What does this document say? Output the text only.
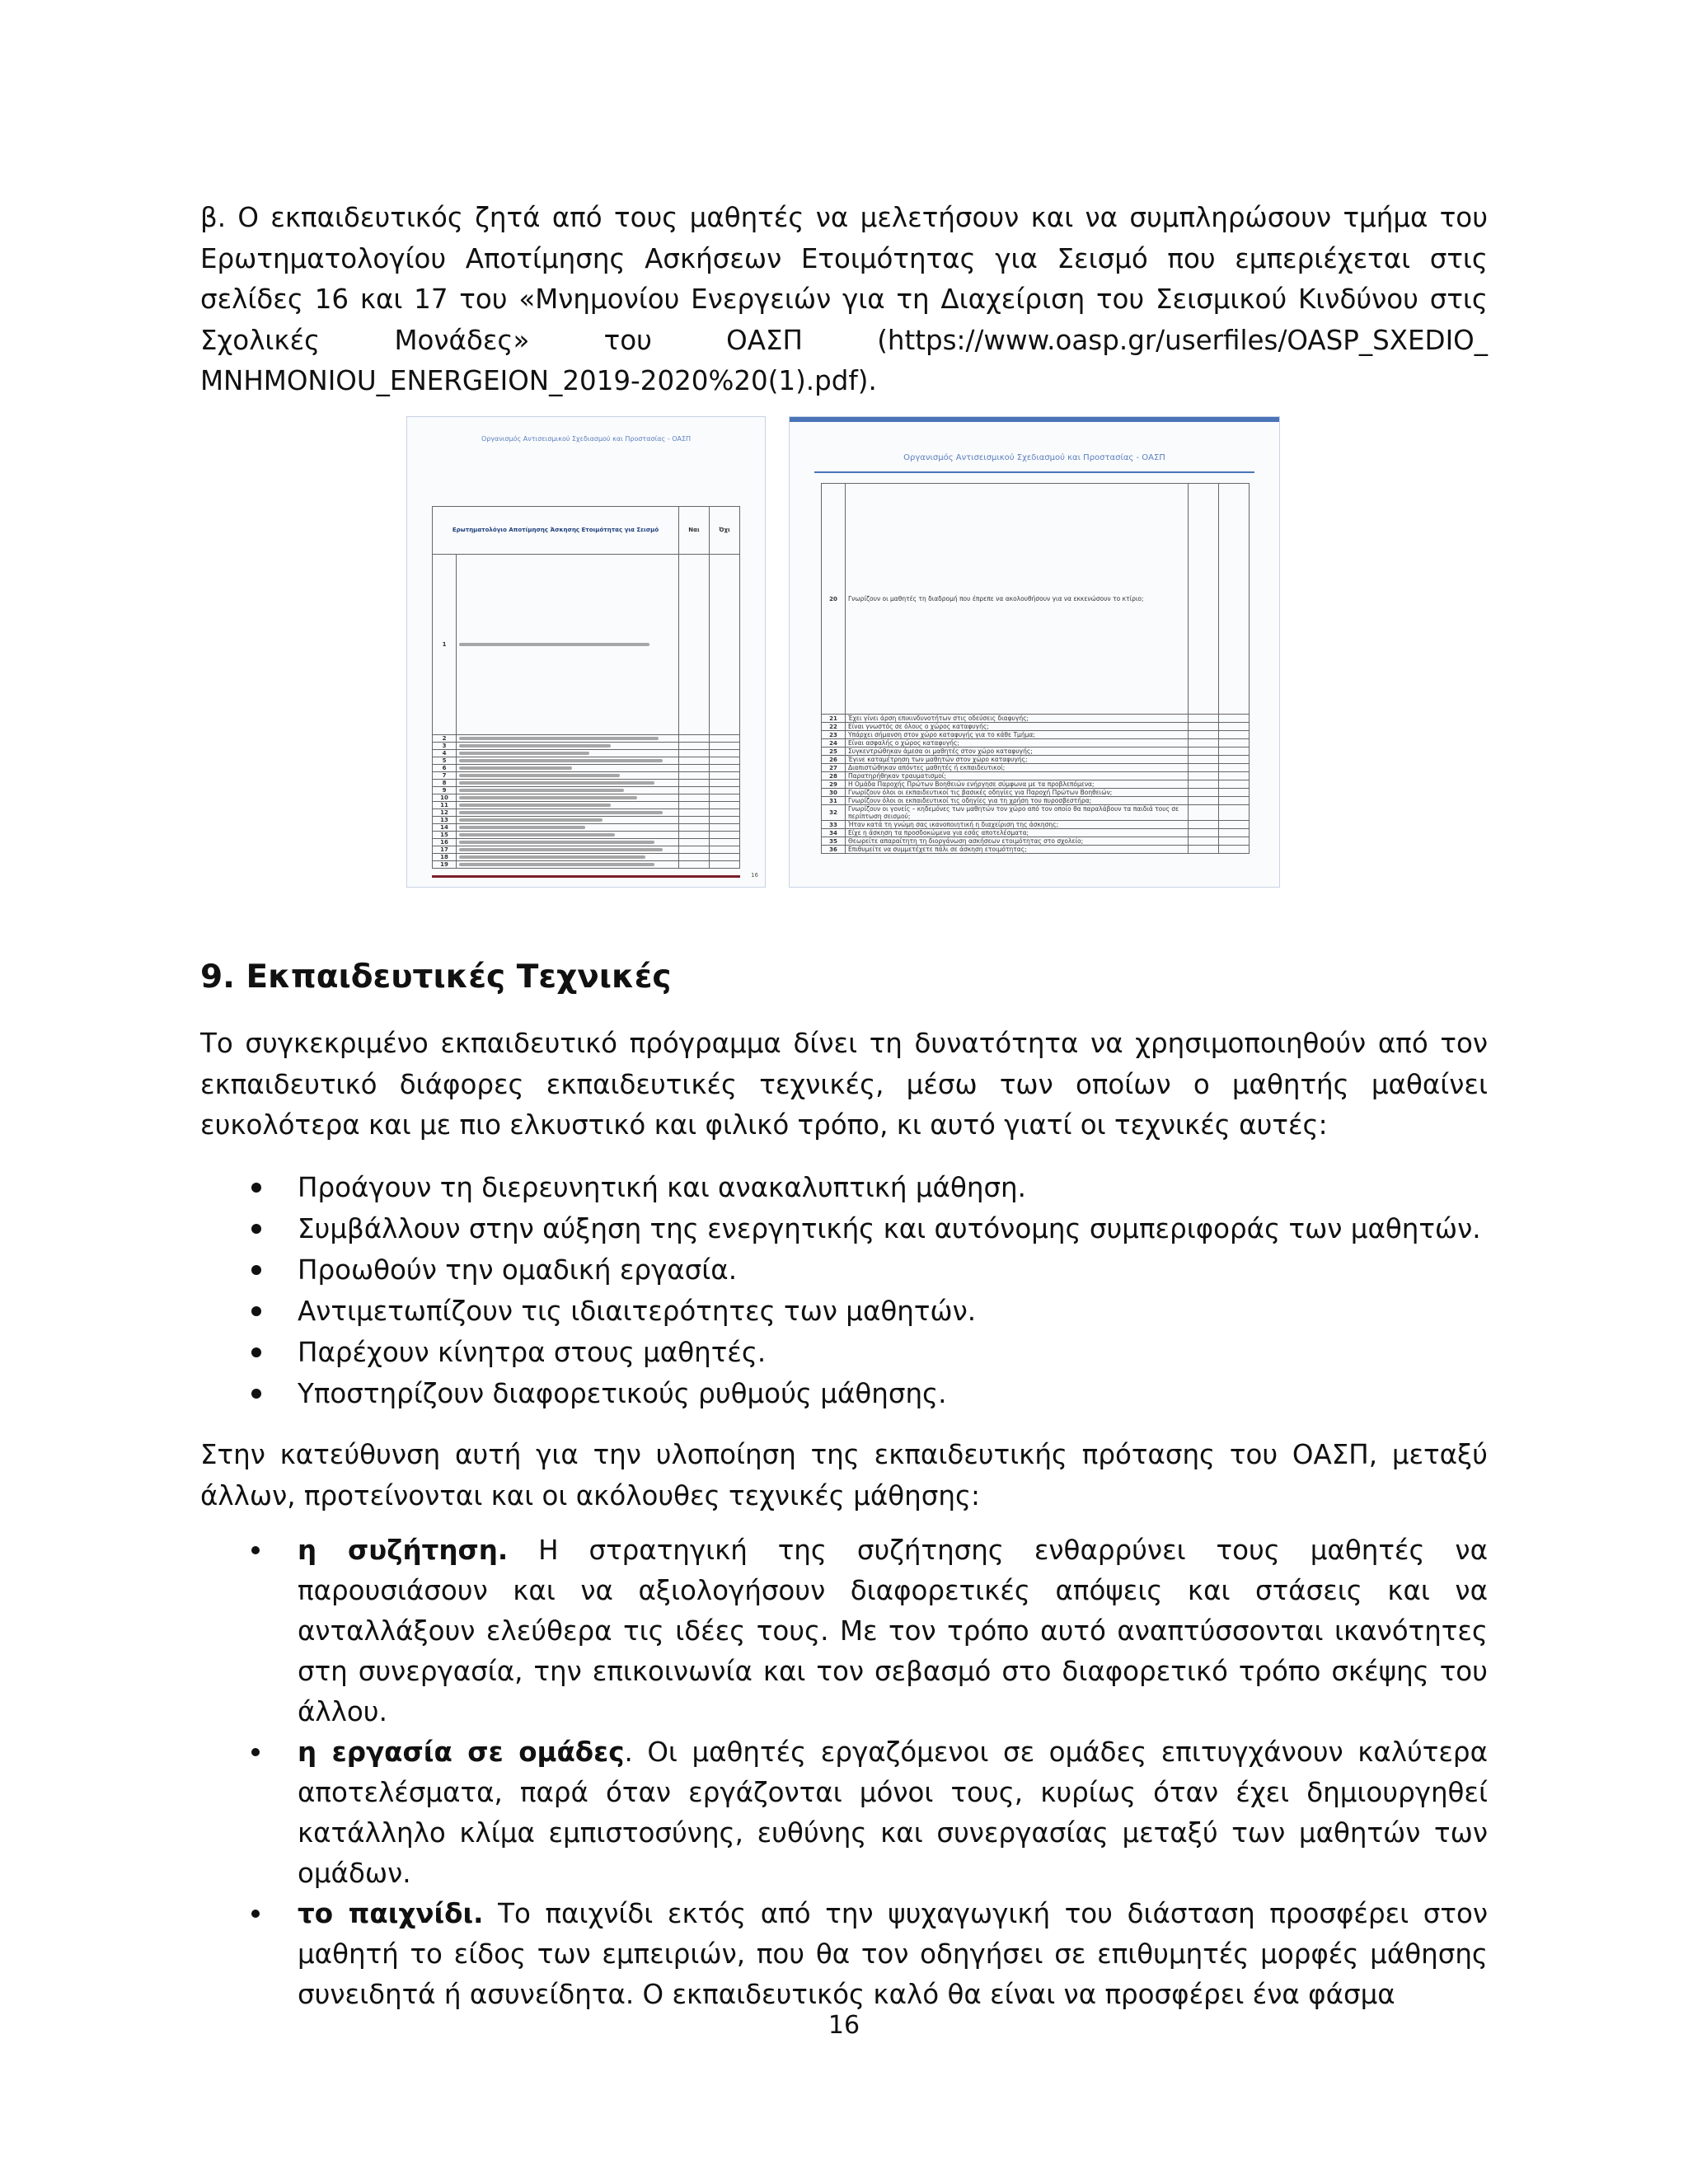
β. Ο εκπαιδευτικός ζητά από τους μαθητές να μελετήσουν και να συμπληρώσουν τμήμα του
Ερωτηματολογίου Αποτίμησης Ασκήσεων Ετοιμότητας για Σεισμό που εμπεριέχεται στις
σελίδες 16 και 17 του «Μνημονίου Ενεργειών για τη Διαχείριση του Σεισμικού Κινδύνου στις
Σχολικές Μονάδες» του ΟΑΣΠ (https://www.oasp.gr/userfiles/OASP_SXEDIO_
MNHMONIOU_ENERGEION_2019-2020%20(1).pdf).
Οργανισμός Αντισεισμικού Σχεδιασμού και Προστασίας - ΟΑΣΠ
Ερωτηματολόγιο Αποτίμησης Άσκησης Ετοιμότητας για Σεισμό		Ναι	Όχι
1			
2			
3			
4			
5			
6			
7			
8			
9			
10			
11			
12			
13			
14			
15			
16			
17			
18			
19			
16
Οργανισμός Αντισεισμικού Σχεδιασμού και Προστασίας - ΟΑΣΠ
20	Γνωρίζουν οι μαθητές τη διαδρομή που έπρεπε να ακολουθήσουν για να εκκενώσουν το κτίριο;		
21	Έχει γίνει άρση επικινδυνοτήτων στις οδεύσεις διαφυγής;		
22	Είναι γνωστός σε όλους ο χώρος καταφυγής;		
23	Υπάρχει σήμανση στον χώρο καταφυγής για το κάθε Τμήμα;		
24	Είναι ασφαλής ο χώρος καταφυγής;		
25	Συγκεντρώθηκαν άμεσα οι μαθητές στον χώρο καταφυγής;		
26	Έγινε καταμέτρηση των μαθητών στον χώρο καταφυγής;		
27	Διαπιστώθηκαν απόντες μαθητές ή εκπαιδευτικοί;		
28	Παρατηρήθηκαν τραυματισμοί;		
29	Η Ομάδα Παροχής Πρώτων Βοηθειών ενήργησε σύμφωνα με τα προβλεπόμενα;		
30	Γνωρίζουν όλοι οι εκπαιδευτικοί τις βασικές οδηγίες για Παροχή Πρώτων Βοηθειών;		
31	Γνωρίζουν όλοι οι εκπαιδευτικοί τις οδηγίες για τη χρήση του πυροσβεστήρα;		
32	Γνωρίζουν οι γονείς – κηδεμόνες των μαθητών τον χώρο από τον οποίο θα παραλάβουν τα παιδιά τους σε περίπτωση σεισμού;		
33	Ήταν κατά τη γνώμη σας ικανοποιητική η διαχείριση της άσκησης;		
34	Είχε η άσκηση τα προσδοκώμενα για εσάς αποτελέσματα;		
35	Θεωρείτε απαραίτητη τη διοργάνωση ασκήσεων ετοιμότητας στο σχολείο;		
36	Επιθυμείτε να συμμετέχετε πάλι σε άσκηση ετοιμότητας;		
9. Εκπαιδευτικές Τεχνικές
Το συγκεκριμένο εκπαιδευτικό πρόγραμμα δίνει τη δυνατότητα να χρησιμοποιηθούν από τον
εκπαιδευτικό διάφορες εκπαιδευτικές τεχνικές, μέσω των οποίων ο μαθητής μαθαίνει
ευκολότερα και με πιο ελκυστικό και φιλικό τρόπο, κι αυτό γιατί οι τεχνικές αυτές:
Προάγουν τη διερευνητική και ανακαλυπτική μάθηση.
Συμβάλλουν στην αύξηση της ενεργητικής και αυτόνομης συμπεριφοράς των μαθητών.
Προωθούν την ομαδική εργασία.
Αντιμετωπίζουν τις ιδιαιτερότητες των μαθητών.
Παρέχουν κίνητρα στους μαθητές.
Υποστηρίζουν διαφορετικούς ρυθμούς μάθησης.
Στην κατεύθυνση αυτή για την υλοποίηση της εκπαιδευτικής πρότασης του ΟΑΣΠ, μεταξύ
άλλων, προτείνονται και οι ακόλουθες τεχνικές μάθησης:
η συζήτηση. Η στρατηγική της συζήτησης ενθαρρύνει τους μαθητές να παρουσιάσουν και να αξιολογήσουν διαφορετικές απόψεις και στάσεις και να ανταλλάξουν ελεύθερα τις ιδέες τους. Με τον τρόπο αυτό αναπτύσσονται ικανότητες στη συνεργασία, την επικοινωνία και τον σεβασμό στο διαφορετικό τρόπο σκέψης του άλλου.
η εργασία σε ομάδες. Οι μαθητές εργαζόμενοι σε ομάδες επιτυγχάνουν καλύτερα αποτελέσματα, παρά όταν εργάζονται μόνοι τους, κυρίως όταν έχει δημιουργηθεί κατάλληλο κλίμα εμπιστοσύνης, ευθύνης και συνεργασίας μεταξύ των μαθητών των ομάδων.
το παιχνίδι. Το παιχνίδι εκτός από την ψυχαγωγική του διάσταση προσφέρει στον μαθητή το είδος των εμπειριών, που θα τον οδηγήσει σε επιθυμητές μορφές μάθησης συνειδητά ή ασυνείδητα. Ο εκπαιδευτικός καλό θα είναι να προσφέρει ένα φάσμα
16
